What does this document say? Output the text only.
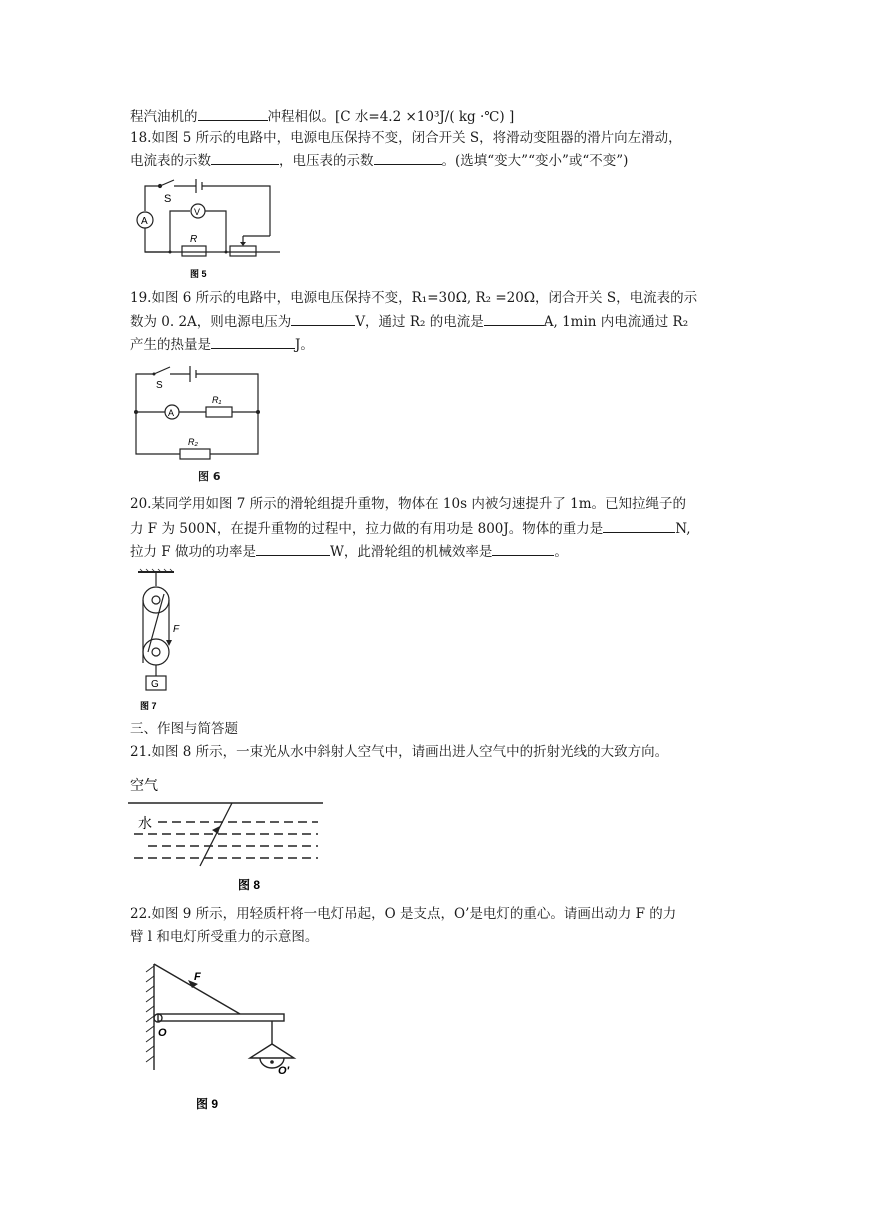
程汽油机的	冲程相似。[C 水=4.2 ×10³J/( kg ·℃) ]
18.如图 5 所示的电路中，电源电压保持不变，闭合开关 S，将滑动变阻器的滑片向左滑动，
电流表的示数	，电压表的示数	。(选填“变大”“变小”或“不变”)
S
A
V
R
图 5
19.如图 6 所示的电路中，电源电压保持不变，R₁=30Ω, R₂ =20Ω，闭合开关 S，电流表的示
数为 0. 2A，则电源电压为	V，通过 R₂ 的电流是	A, 1min 内电流通过 R₂
产生的热量是	J。
S
A
R₁
R₂
图 6
20.某同学用如图 7 所示的滑轮组提升重物，物体在 10s 内被匀速提升了 1m。已知拉绳子的
力 F 为 500N，在提升重物的过程中，拉力做的有用功是 800J。物体的重力是	N,
拉力 F 做功的功率是	W，此滑轮组的机械效率是	。
F
G
图 7
三、作图与简答题
21.如图 8 所示，一束光从水中斜射人空气中，请画出进人空气中的折射光线的大致方向。
空气
水
图 8
22.如图 9 所示，用轻质杆将一电灯吊起，O 是支点，O’是电灯的重心。请画出动力 F 的力
臂 l 和电灯所受重力的示意图。
F
O
O′
图 9
